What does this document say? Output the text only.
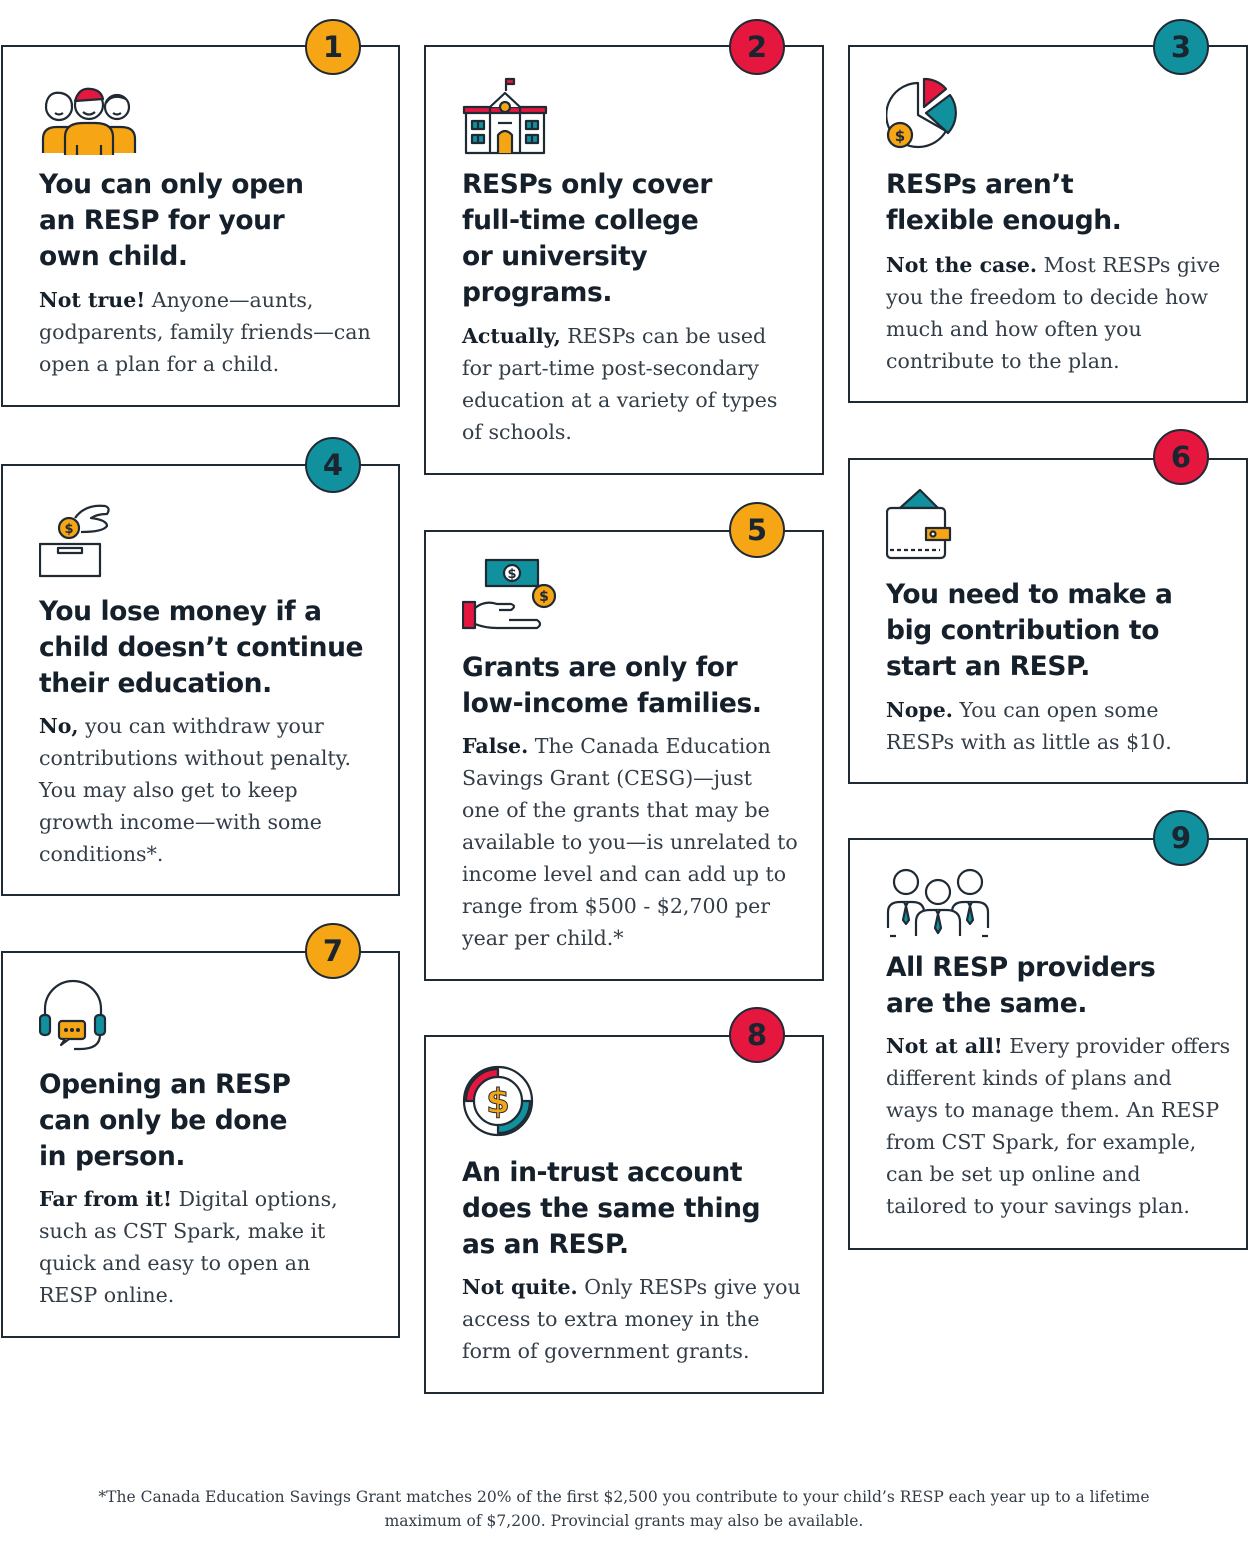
You can only open
an RESP for your
own child.

Not true! Anyone—aunts,
godparents, family friends—can
open a plan for a child.

1
RESPs only cover
full-time college
or university
programs.

Actually, RESPs can be used
for part-time post-secondary
education at a variety of types
of schools.

2
$
RESPs aren’t
flexible enough.

Not the case. Most RESPs give
you the freedom to decide how
much and how often you
contribute to the plan.

3
$
You lose money if a
child doesn’t continue
their education.

No, you can withdraw your
contributions without penalty.
You may also get to keep
growth income—with some
conditions*.

4
$
$
Grants are only for
low-income families.

False. The Canada Education
Savings Grant (CESG)—just
one of the grants that may be
available to you—is unrelated to
income level and can add up to
range from $500 - $2,700 per
year per child.*

5
You need to make a
big contribution to
start an RESP.

Nope. You can open some
RESPs with as little as $10.

6
Opening an RESP
can only be done
in person.

Far from it! Digital options,
such as CST Spark, make it
quick and easy to open an
RESP online.

7
$
An in-trust account
does the same thing
as an RESP.

Not quite. Only RESPs give you
access to extra money in the
form of government grants.

8
All RESP providers
are the same.

Not at all! Every provider offers
different kinds of plans and
ways to manage them. An RESP
from CST Spark, for example,
can be set up online and
tailored to your savings plan.

9
*The Canada Education Savings Grant matches 20% of the first $2,500 you contribute to your child’s RESP each year up to a lifetime
maximum of $7,200. Provincial grants may also be available.
